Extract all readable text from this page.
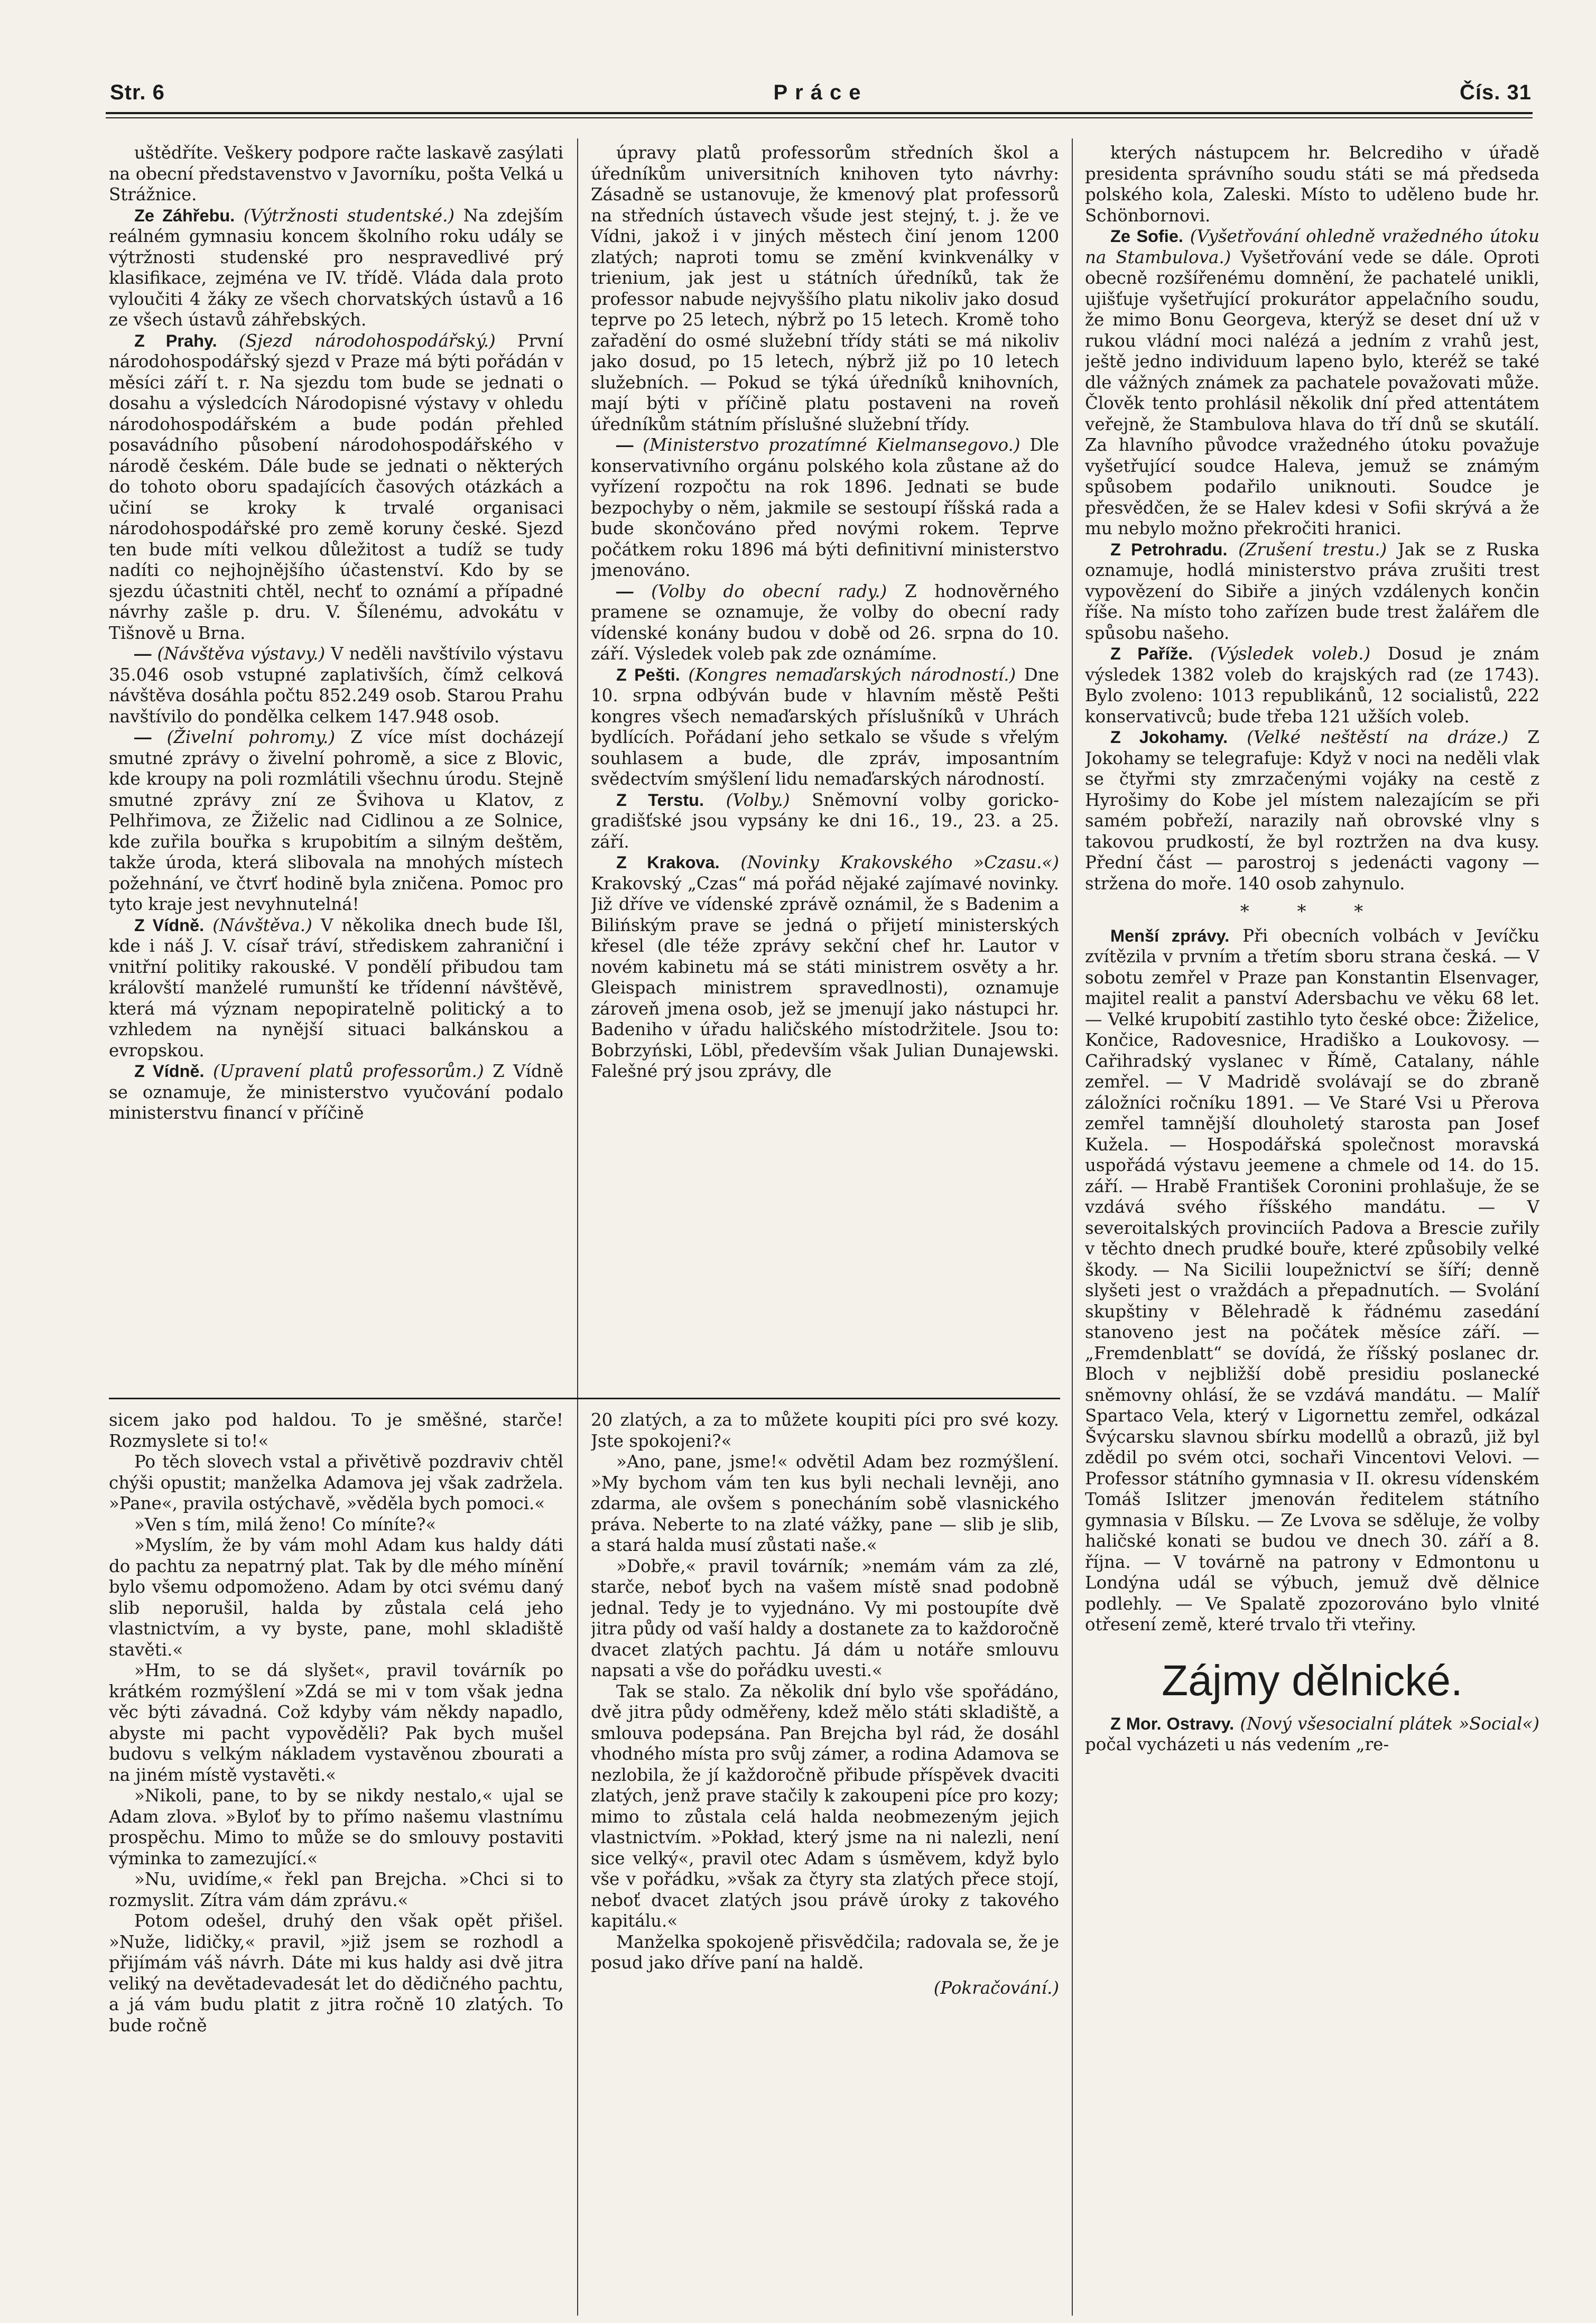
Str. 6	Práce	Čís. 31

uštědříte. Veškery podpore račte laskavě zasýlati na obecní představenstvo v Javorníku, pošta Velká u Strážnice.

Ze Záhřebu. (Výtržnosti studentské.) Na zdejším reálném gymnasiu koncem školního roku udály se výtržnosti studenské pro nespravedlivé prý klasifikace, zejména ve IV. třídě. Vláda dala proto vyloučiti 4 žáky ze všech chorvatských ústavů a 16 ze všech ústavů záhřebských.

Z Prahy. (Sjezd národohospodářský.) První národohospodářský sjezd v Praze má býti pořádán v měsíci září t. r. Na sjezdu tom bude se jednati o dosahu a výsledcích Národopisné výstavy v ohledu národohospodářském a bude podán přehled posavádního působení národohospodářského v národě českém. Dále bude se jednati o některých do tohoto oboru spadajících časových otázkách a učiní se kroky k trvalé organisaci národohospodářské pro země koruny české. Sjezd ten bude míti velkou důležitost a tudíž se tudy nadíti co nejhojnějšího účastenství. Kdo by se sjezdu účastniti chtěl, nechť to oznámí a případné návrhy zašle p. dru. V. Šílenému, advokátu v Tišnově u Brna.

— (Návštěva výstavy.) V neděli navštívilo výstavu 35.046 osob vstupné zaplativších, čímž celková návštěva dosáhla počtu 852.249 osob. Starou Prahu navštívilo do pondělka celkem 147.948 osob.

— (Živelní pohromy.) Z více míst docházejí smutné zprávy o živelní pohromě, a sice z Blovic, kde kroupy na poli rozmlátili všechnu úrodu. Stejně smutné zprávy zní ze Švihova u Klatov, z Pelhřimova, ze Žiželic nad Cidlinou a ze Solnice, kde zuřila bouřka s krupobitím a silným deštěm, takže úroda, která slibovala na mnohých místech požehnání, ve čtvrť hodině byla zničena. Pomoc pro tyto kraje jest nevyhnutelná!

Z Vídně. (Návštěva.) V několika dnech bude Išl, kde i náš J. V. císař tráví, střediskem zahraniční i vnitřní politiky rakouské. V pondělí přibudou tam královští manželé rumunští ke třídenní návštěvě, která má význam nepopiratelně politický a to vzhledem na nynější situaci balkánskou a evropskou.

Z Vídně. (Upravení platů professorům.) Z Vídně se oznamuje, že ministerstvo vyučování podalo ministerstvu financí v příčině

úpravy platů professorům středních škol a úředníkům universitních knihoven tyto návrhy: Zásadně se ustanovuje, že kmenový plat professorů na středních ústavech všude jest stejný, t. j. že ve Vídni, jakož i v jiných městech činí jenom 1200 zlatých; naproti tomu se změní kvinkvenálky v trienium, jak jest u státních úředníků, tak že professor nabude nejvyššího platu nikoliv jako dosud teprve po 25 letech, nýbrž po 15 letech. Kromě toho zařadění do osmé služební třídy státi se má nikoliv jako dosud, po 15 letech, nýbrž již po 10 letech služebních. — Pokud se týká úředníků knihovních, mají býti v příčině platu postaveni na roveň úředníkům státním příslušné služební třídy.

— (Ministerstvo prozatímné Kielmansegovo.) Dle konservativního orgánu polského kola zůstane až do vyřízení rozpočtu na rok 1896. Jednati se bude bezpochyby o něm, jakmile se sestoupí říšská rada a bude skončováno před novými rokem. Teprve počátkem roku 1896 má býti definitivní ministerstvo jmenováno.

— (Volby do obecní rady.) Z hodnověrného pramene se oznamuje, že volby do obecní rady vídenské konány budou v době od 26. srpna do 10. září. Výsledek voleb pak zde oznámíme.

Z Pešti. (Kongres nemaďarských národností.) Dne 10. srpna odbýván bude v hlavním městě Pešti kongres všech nemaďarských příslušníků v Uhrách bydlících. Pořádaní jeho setkalo se všude s vřelým souhlasem a bude, dle zpráv, imposantním svědectvím smýšlení lidu nemaďarských národností.

Z Terstu. (Volby.) Sněmovní volby goricko-gradišťské jsou vypsány ke dni 16., 19., 23. a 25. září.

Z Krakova. (Novinky Krakovského »Czasu.«) Krakovský „Czas“ má pořád nějaké zajímavé novinky. Již dříve ve vídenské zprávě oznámil, že s Badenim a Bilińským prave se jedná o přijetí ministerských křesel (dle téže zprávy sekční chef hr. Lautor v novém kabinetu má se státi ministrem osvěty a hr. Gleispach ministrem spravedlnosti), oznamuje zároveň jmena osob, jež se jmenují jako nástupci hr. Badeniho v úřadu haličského místodržitele. Jsou to: Bobrzyński, Löbl, především však Julian Dunajewski. Falešné prý jsou zprávy, dle

kterých nástupcem hr. Belcrediho v úřadě presidenta správního soudu státi se má předseda polského kola, Zaleski. Místo to uděleno bude hr. Schönbornovi.

Ze Sofie. (Vyšetřování ohledně vražedného útoku na Stambulova.) Vyšetřování vede se dále. Oproti obecně rozšířenému domnění, že pachatelé unikli, ujišťuje vyšetřující prokurátor appelačního soudu, že mimo Bonu Georgeva, kterýž se deset dní už v rukou vládní moci nalézá a jedním z vrahů jest, ještě jedno individuum lapeno bylo, kteréž se také dle vážných známek za pachatele považovati může. Člověk tento prohlásil několik dní před attentátem veřejně, že Stambulova hlava do tří dnů se skutálí. Za hlavního původce vražedného útoku považuje vyšetřující soudce Haleva, jemuž se známým spůsobem podařilo uniknouti. Soudce je přesvědčen, že se Halev kdesi v Sofii skrývá a že mu nebylo možno překročiti hranici.

Z Petrohradu. (Zrušení trestu.) Jak se z Ruska oznamuje, hodlá ministerstvo práva zrušiti trest vypovězení do Sibiře a jiných vzdálenych končin říše. Na místo toho zařízen bude trest žalářem dle spůsobu našeho.

Z Paříže. (Výsledek voleb.) Dosud je znám výsledek 1382 voleb do krajských rad (ze 1743). Bylo zvoleno: 1013 republikánů, 12 socialistů, 222 konservativců; bude třeba 121 užších voleb.

Z Jokohamy. (Velké neštěstí na dráze.) Z Jokohamy se telegrafuje: Když v noci na neděli vlak se čtyřmi sty zmrzačenými vojáky na cestě z Hyrošimy do Kobe jel místem nalezajícím se při samém pobřeží, narazily naň obrovské vlny s takovou prudkostí, že byl roztržen na dva kusy. Přední část — parostroj s jedenácti vagony — stržena do moře. 140 osob zahynulo.

* * *

Menší zprávy. Při obecních volbách v Jevíčku zvítězila v prvním a třetím sboru strana česká. — V sobotu zemřel v Praze pan Konstantin Elsenvager, majitel realit a panství Adersbachu ve věku 68 let. — Velké krupobití zastihlo tyto české obce: Žiželice, Končice, Radovesnice, Hradiško a Loukovosy. — Cařihradský vyslanec v Římě, Catalany, náhle zemřel. — V Madridě svolávají se do zbraně záložníci ročníku 1891. — Ve Staré Vsi u Přerova zemřel tamnější dlouholetý starosta pan Josef Kužela. — Hospodářská společnost moravská uspořádá výstavu jeemene a chmele od 14. do 15. září. — Hrabě František Coronini prohlašuje, že se vzdává svého říšského mandátu. — V severoitalských provinciích Padova a Brescie zuřily v těchto dnech prudké bouře, které způsobily velké škody. — Na Sicilii loupežnictví se šíří; denně slyšeti jest o vraždách a přepadnutích. — Svolání skupštiny v Bělehradě k řádnému zasedání stanoveno jest na počátek měsíce září. — „Fremdenblatt“ se dovídá, že říšský poslanec dr. Bloch v nejbližší době presidiu poslanecké sněmovny ohlásí, že se vzdává mandátu. — Malíř Spartaco Vela, který v Ligornettu zemřel, odkázal Švýcarsku slavnou sbírku modellů a obrazů, již byl zdědil po svém otci, sochaři Vincentovi Velovi. — Professor státního gymnasia v II. okresu vídenském Tomáš Islitzer jmenován ředitelem státního gymnasia v Bílsku. — Ze Lvova se sděluje, že volby haličské konati se budou ve dnech 30. září a 8. října. — V továrně na patrony v Edmontonu u Londýna udál se výbuch, jemuž dvě dělnice podlehly. — Ve Spalatě zpozorováno bylo vlnité otřesení země, které trvalo tři vteřiny.

Zájmy dělnické.

Z Mor. Ostravy. (Nový všesocialní plátek »Social«) počal vycházeti u nás vedením „re-

sicem jako pod haldou. To je směšné, starče! Rozmyslete si to!«

Po těch slovech vstal a přivětivě pozdraviv chtěl chýši opustit; manželka Adamova jej však zadržela. »Pane«, pravila ostýchavě, »věděla bych pomoci.«

»Ven s tím, milá ženo! Co míníte?«

»Myslím, že by vám mohl Adam kus haldy dáti do pachtu za nepatrný plat. Tak by dle mého mínění bylo všemu odpomoženo. Adam by otci svému daný slib neporušil, halda by zůstala celá jeho vlastnictvím, a vy byste, pane, mohl skladiště stavěti.«

»Hm, to se dá slyšet«, pravil továrník po krátkém rozmýšlení »Zdá se mi v tom však jedna věc býti závadná. Což kdyby vám někdy napadlo, abyste mi pacht vypověděli? Pak bych mušel budovu s velkým nákladem vystavěnou zbourati a na jiném místě vystavěti.«

»Nikoli, pane, to by se nikdy nestalo,« ujal se Adam zlova. »Byloť by to přímo našemu vlastnímu prospěchu. Mimo to může se do smlouvy postaviti výminka to zamezující.«

»Nu, uvidíme,« řekl pan Brejcha. »Chci si to rozmyslit. Zítra vám dám zprávu.«

Potom odešel, druhý den však opět přišel. »Nuže, lidičky,« pravil, »již jsem se rozhodl a přijímám váš návrh. Dáte mi kus haldy asi dvě jitra veliký na devětadevadesát let do dědičného pachtu, a já vám budu platit z jitra ročně 10 zlatých. To bude ročně

20 zlatých, a za to můžete koupiti píci pro své kozy. Jste spokojeni?«

»Ano, pane, jsme!« odvětil Adam bez rozmýšlení. »My bychom vám ten kus byli nechali levněji, ano zdarma, ale ovšem s ponecháním sobě vlasnického práva. Neberte to na zlaté vážky, pane — slib je slib, a stará halda musí zůstati naše.«

»Dobře,« pravil továrník; »nemám vám za zlé, starče, neboť bych na vašem místě snad podobně jednal. Tedy je to vyjednáno. Vy mi postoupíte dvě jitra půdy od vaší haldy a dostanete za to každoročně dvacet zlatých pachtu. Já dám u notáře smlouvu napsati a vše do pořádku uvesti.«

Tak se stalo. Za několik dní bylo vše spořádáno, dvě jitra půdy odměřeny, kdež mělo státi skladiště, a smlouva podepsána. Pan Brejcha byl rád, že dosáhl vhodného místa pro svůj zámer, a rodina Adamova se nezlobila, že jí každoročně přibude příspěvek dvaciti zlatých, jenž prave stačily k zakoupeni píce pro kozy; mimo to zůstala celá halda neobmezeným jejich vlastnictvím. »Pokład, který jsme na ni nalezli, není sice velký«, pravil otec Adam s úsměvem, když bylo vše v pořádku, »však za čtyry sta zlatých přece stojí, neboť dvacet zlatých jsou právě úroky z takového kapitálu.«

Manželka spokojeně přisvědčila; radovala se, že je posud jako dříve paní na haldě.

(Pokračování.)
